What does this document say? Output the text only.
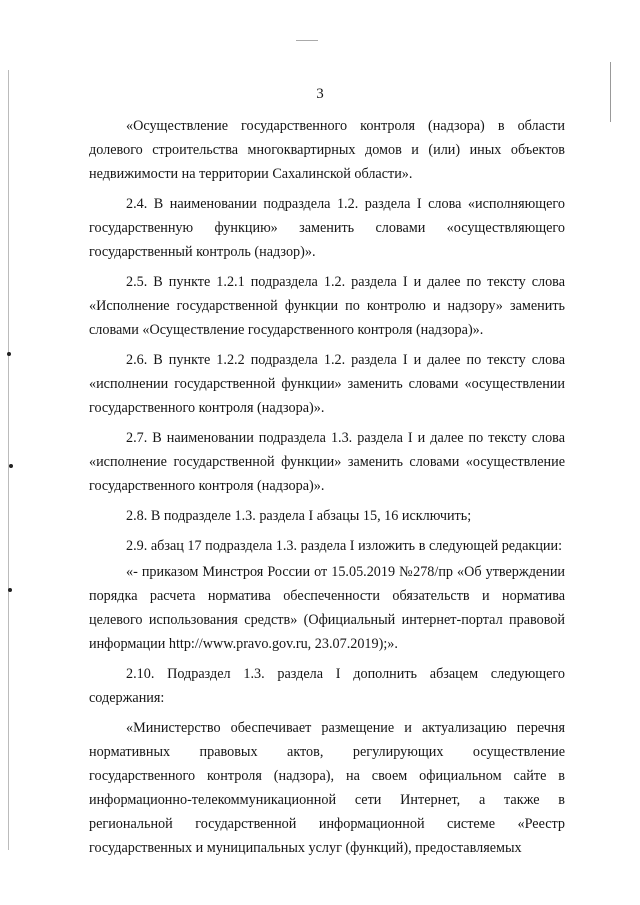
3

«Осуществление государственного контроля (надзора) в области долевого строительства многоквартирных домов и (или) иных объектов недвижимости на территории Сахалинской области».

2.4. В наименовании подраздела 1.2. раздела I слова «исполняющего государственную функцию» заменить словами «осуществляющего государственный контроль (надзор)».

2.5. В пункте 1.2.1 подраздела 1.2. раздела I и далее по тексту слова «Исполнение государственной функции по контролю и надзору» заменить словами «Осуществление государственного контроля (надзора)».

2.6. В пункте 1.2.2 подраздела 1.2. раздела I и далее по тексту слова «исполнении государственной функции» заменить словами «осуществлении государственного контроля (надзора)».

2.7. В наименовании подраздела 1.3. раздела I и далее по тексту слова «исполнение государственной функции» заменить словами «осуществление государственного контроля (надзора)».

2.8. В подразделе 1.3. раздела I абзацы 15, 16 исключить;

2.9. абзац 17 подраздела 1.3. раздела I изложить в следующей редакции:

«- приказом Минстроя России от 15.05.2019 №278/пр «Об утверждении порядка расчета норматива обеспеченности обязательств и норматива целевого использования средств» (Официальный интернет-портал правовой информации http://www.pravo.gov.ru, 23.07.2019);».

2.10. Подраздел 1.3. раздела I дополнить абзацем следующего содержания:

«Министерство обеспечивает размещение и актуализацию перечня нормативных правовых актов, регулирующих осуществление государственного контроля (надзора), на своем официальном сайте в информационно-телекоммуникационной сети Интернет, а также в региональной государственной информационной системе «Реестр государственных и муниципальных услуг (функций), предоставляемых
